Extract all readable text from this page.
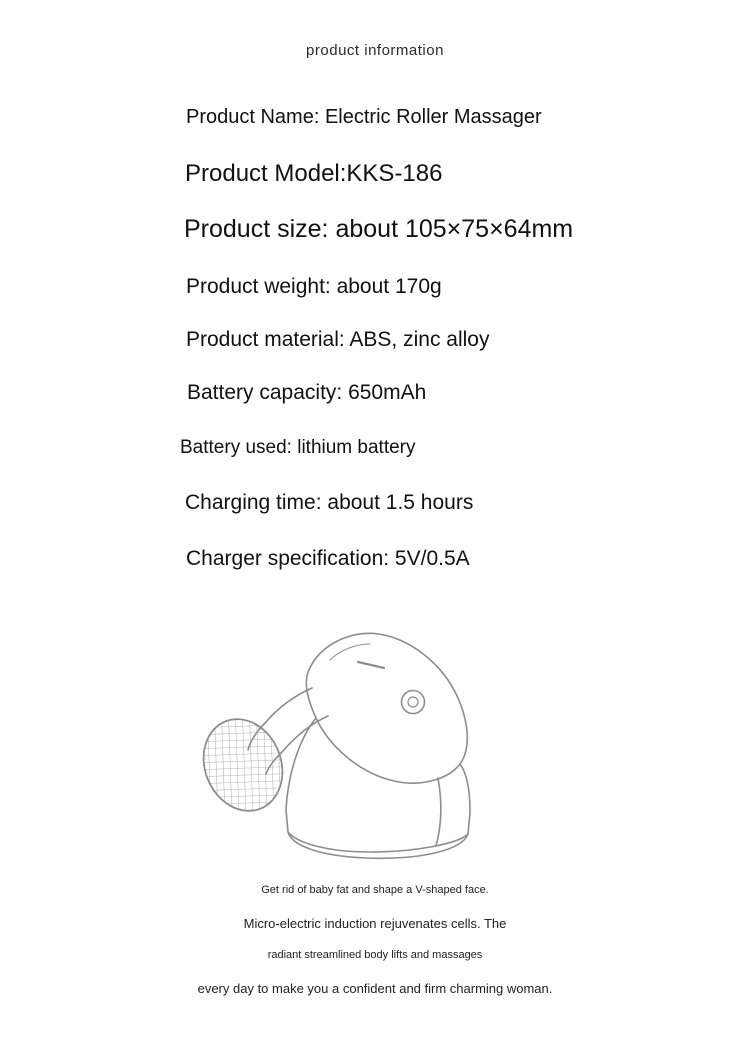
product information
Product Name: Electric Roller Massager
Product Model:KKS-186
Product size: about 105×75×64mm
Product weight: about 170g
Product material: ABS, zinc alloy
Battery capacity: 650mAh
Battery used: lithium battery
Charging time: about 1.5 hours
Charger specification: 5V/0.5A
Get rid of baby fat and shape a V-shaped face.
Micro-electric induction rejuvenates cells. The
radiant streamlined body lifts and massages
every day to make you a confident and firm charming woman.
